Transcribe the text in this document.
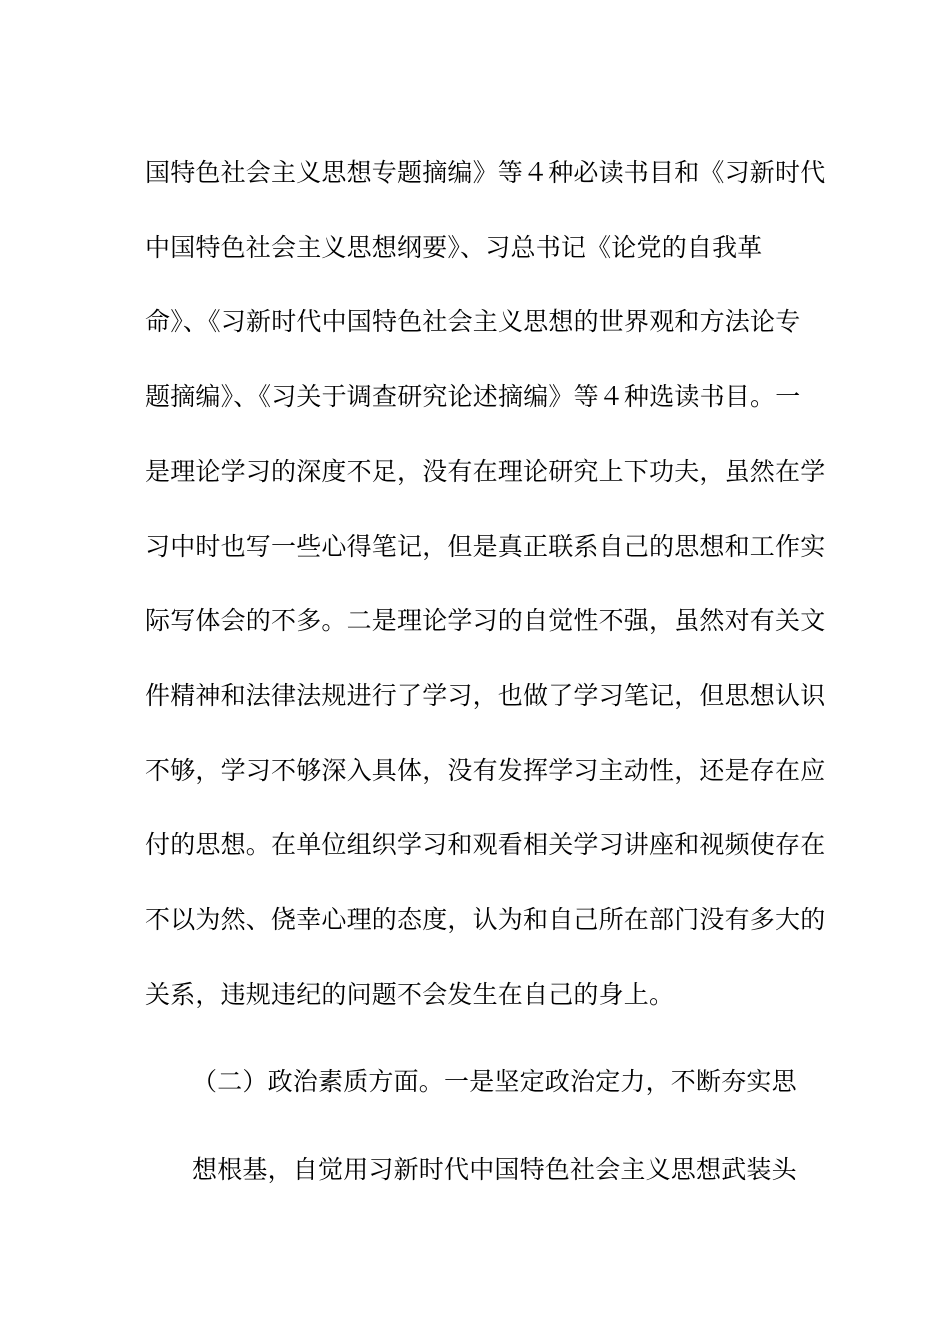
国特色社会主义思想专题摘编》等４种必读书目和《习新时代
中国特色社会主义思想纲要》、习总书记《论党的自我革
命》、《习新时代中国特色社会主义思想的世界观和方法论专
题摘编》、《习关于调查研究论述摘编》等４种选读书目。一
是理论学习的深度不足，没有在理论研究上下功夫，虽然在学
习中时也写一些心得笔记，但是真正联系自己的思想和工作实
际写体会的不多。二是理论学习的自觉性不强，虽然对有关文
件精神和法律法规进行了学习，也做了学习笔记，但思想认识
不够，学习不够深入具体，没有发挥学习主动性，还是存在应
付的思想。在单位组织学习和观看相关学习讲座和视频使存在
不以为然、侥幸心理的态度，认为和自己所在部门没有多大的
关系，违规违纪的问题不会发生在自己的身上。
（二）政治素质方面。一是坚定政治定力，不断夯实思
想根基，自觉用习新时代中国特色社会主义思想武装头
